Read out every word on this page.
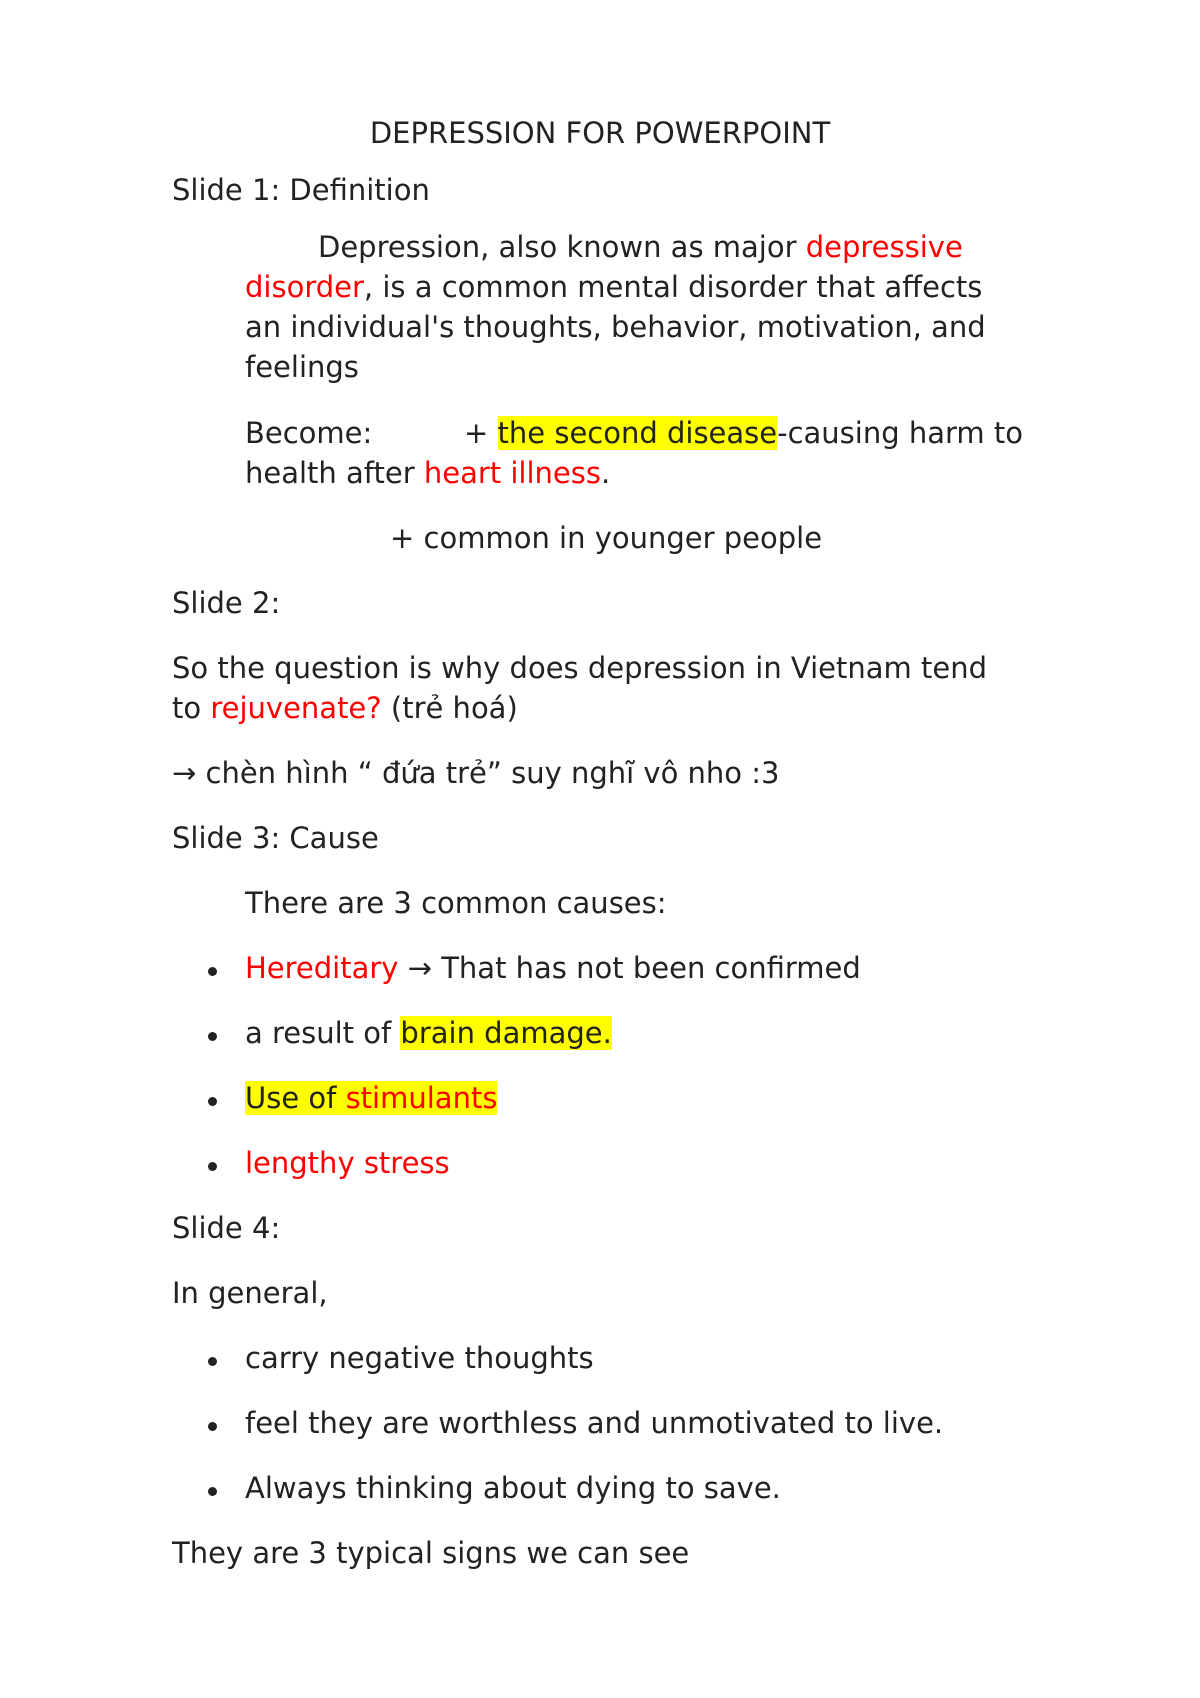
DEPRESSION FOR POWERPOINT
Slide 1: Definition
Depression, also known as major depressive
disorder, is a common mental disorder that affects
an individual's thoughts, behavior, motivation, and
feelings
Become:	+ the second disease-causing harm to
health after heart illness.
+ common in younger people
Slide 2:
So the question is why does depression in Vietnam tend
to rejuvenate? (trẻ hoá)
→ chèn hình “ đứa trẻ” suy nghĩ vô nho :3
Slide 3: Cause
There are 3 common causes:
Hereditary → That has not been confirmed
a result of brain damage.
Use of stimulants
lengthy stress
Slide 4:
In general,
carry negative thoughts
feel they are worthless and unmotivated to live.
Always thinking about dying to save.
They are 3 typical signs we can see
